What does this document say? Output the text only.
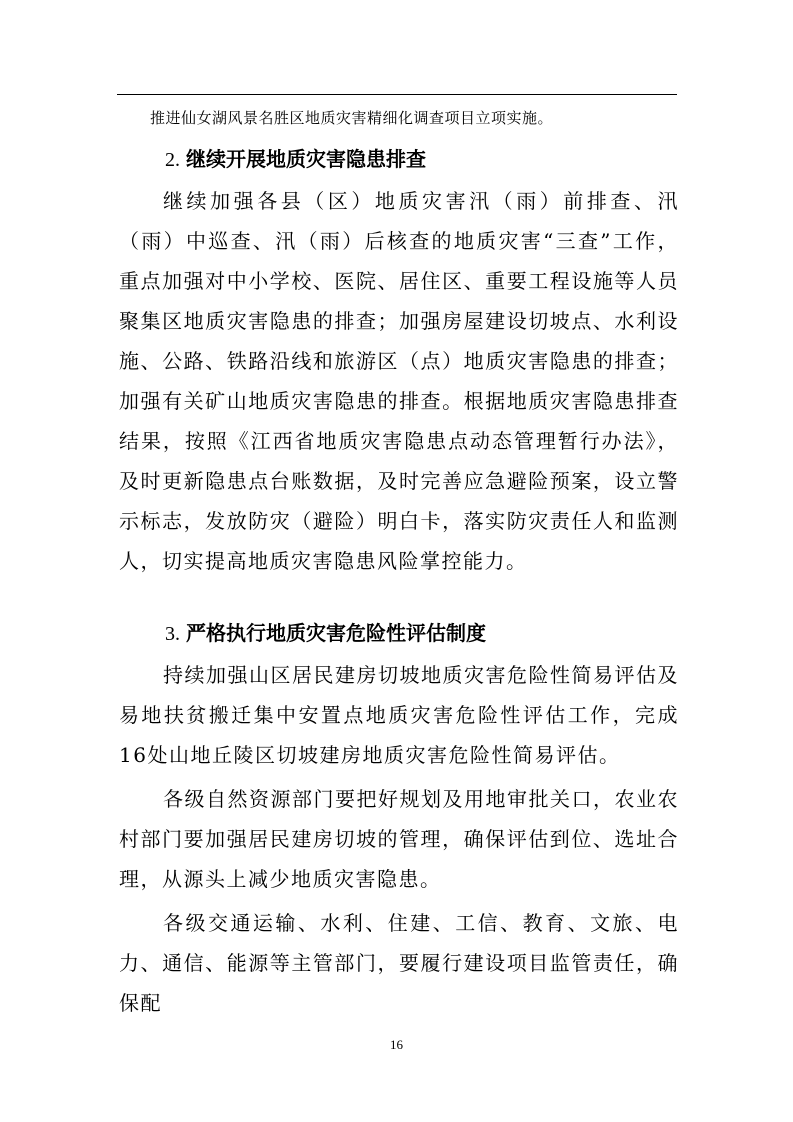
推进仙女湖风景名胜区地质灾害精细化调查项目立项实施。
2. 继续开展地质灾害隐患排查

继续加强各县（区）地质灾害汛（雨）前排查、汛（雨）中巡查、汛（雨）后核查的地质灾害“三查”工作，重点加强对中小学校、医院、居住区、重要工程设施等人员聚集区地质灾害隐患的排查；加强房屋建设切坡点、水利设施、公路、铁路沿线和旅游区（点）地质灾害隐患的排查；加强有关矿山地质灾害隐患的排查。根据地质灾害隐患排查结果，按照《江西省地质灾害隐患点动态管理暂行办法》，及时更新隐患点台账数据，及时完善应急避险预案，设立警示标志，发放防灾（避险）明白卡，落实防灾责任人和监测人，切实提高地质灾害隐患风险掌控能力。

3. 严格执行地质灾害危险性评估制度

持续加强山区居民建房切坡地质灾害危险性简易评估及易地扶贫搬迁集中安置点地质灾害危险性评估工作，完成16处山地丘陵区切坡建房地质灾害危险性简易评估。

各级自然资源部门要把好规划及用地审批关口，农业农村部门要加强居民建房切坡的管理，确保评估到位、选址合理，从源头上减少地质灾害隐患。

各级交通运输、水利、住建、工信、教育、文旅、电力、通信、能源等主管部门，要履行建设项目监管责任，确保配

16
